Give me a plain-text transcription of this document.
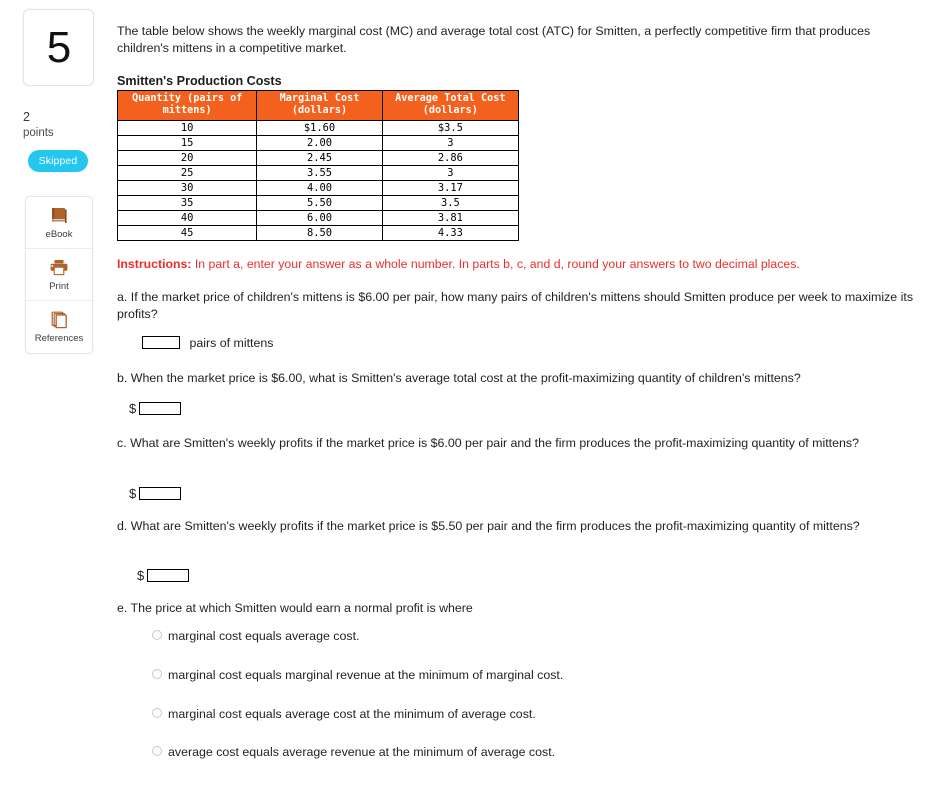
5
2
points
Skipped
eBook
Print
References
The table below shows the weekly marginal cost (MC) and average total cost (ATC) for Smitten, a perfectly competitive firm that produces children's mittens in a competitive market.
Smitten's Production Costs
Quantity (pairs of mittens)	Marginal Cost (dollars)	Average Total Cost (dollars)
10	$1.60	$3.5
15	2.00	3
20	2.45	2.86
25	3.55	3
30	4.00	3.17
35	5.50	3.5
40	6.00	3.81
45	8.50	4.33
Instructions: In part a, enter your answer as a whole number. In parts b, c, and d, round your answers to two decimal places.
a. If the market price of children's mittens is $6.00 per pair, how many pairs of children's mittens should Smitten produce per week to maximize its profits?
pairs of mittens
b. When the market price is $6.00, what is Smitten's average total cost at the profit-maximizing quantity of children's mittens?
$
c. What are Smitten's weekly profits if the market price is $6.00 per pair and the firm produces the profit-maximizing quantity of mittens?
$
d. What are Smitten's weekly profits if the market price is $5.50 per pair and the firm produces the profit-maximizing quantity of mittens?
$
e. The price at which Smitten would earn a normal profit is where
marginal cost equals average cost.
marginal cost equals marginal revenue at the minimum of marginal cost.
marginal cost equals average cost at the minimum of average cost.
average cost equals average revenue at the minimum of average cost.
